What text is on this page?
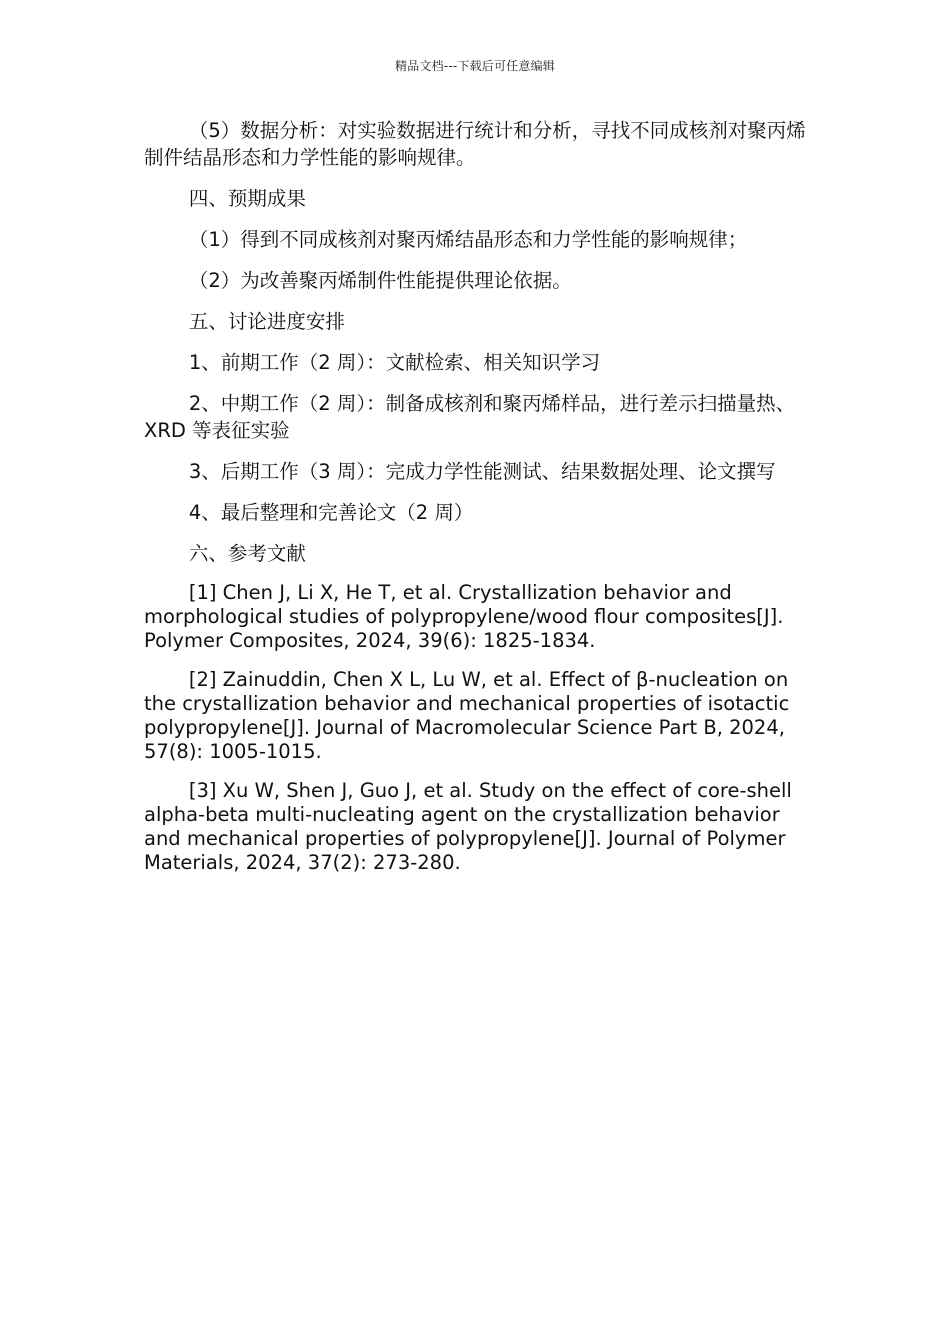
精品文档---下载后可任意编辑

（5）数据分析：对实验数据进行统计和分析，寻找不同成核剂对聚丙烯制件结晶形态和力学性能的影响规律。

四、预期成果

（1）得到不同成核剂对聚丙烯结晶形态和力学性能的影响规律；

（2）为改善聚丙烯制件性能提供理论依据。

五、讨论进度安排

1、前期工作（2 周）：文献检索、相关知识学习

2、中期工作（2 周）：制备成核剂和聚丙烯样品，进行差示扫描量热、XRD 等表征实验

3、后期工作（3 周）：完成力学性能测试、结果数据处理、论文撰写

4、最后整理和完善论文（2 周）

六、参考文献

[1] Chen J, Li X, He T, et al. Crystallization behavior and morphological studies of polypropylene/wood flour composites[J]. Polymer Composites, 2024, 39(6): 1825-1834.

[2] Zainuddin, Chen X L, Lu W, et al. Effect of β-nucleation on the crystallization behavior and mechanical properties of isotactic polypropylene[J]. Journal of Macromolecular Science Part B, 2024, 57(8): 1005-1015.

[3] Xu W, Shen J, Guo J, et al. Study on the effect of core-shell alpha-beta multi-nucleating agent on the crystallization behavior and mechanical properties of polypropylene[J]. Journal of Polymer Materials, 2024, 37(2): 273-280.
